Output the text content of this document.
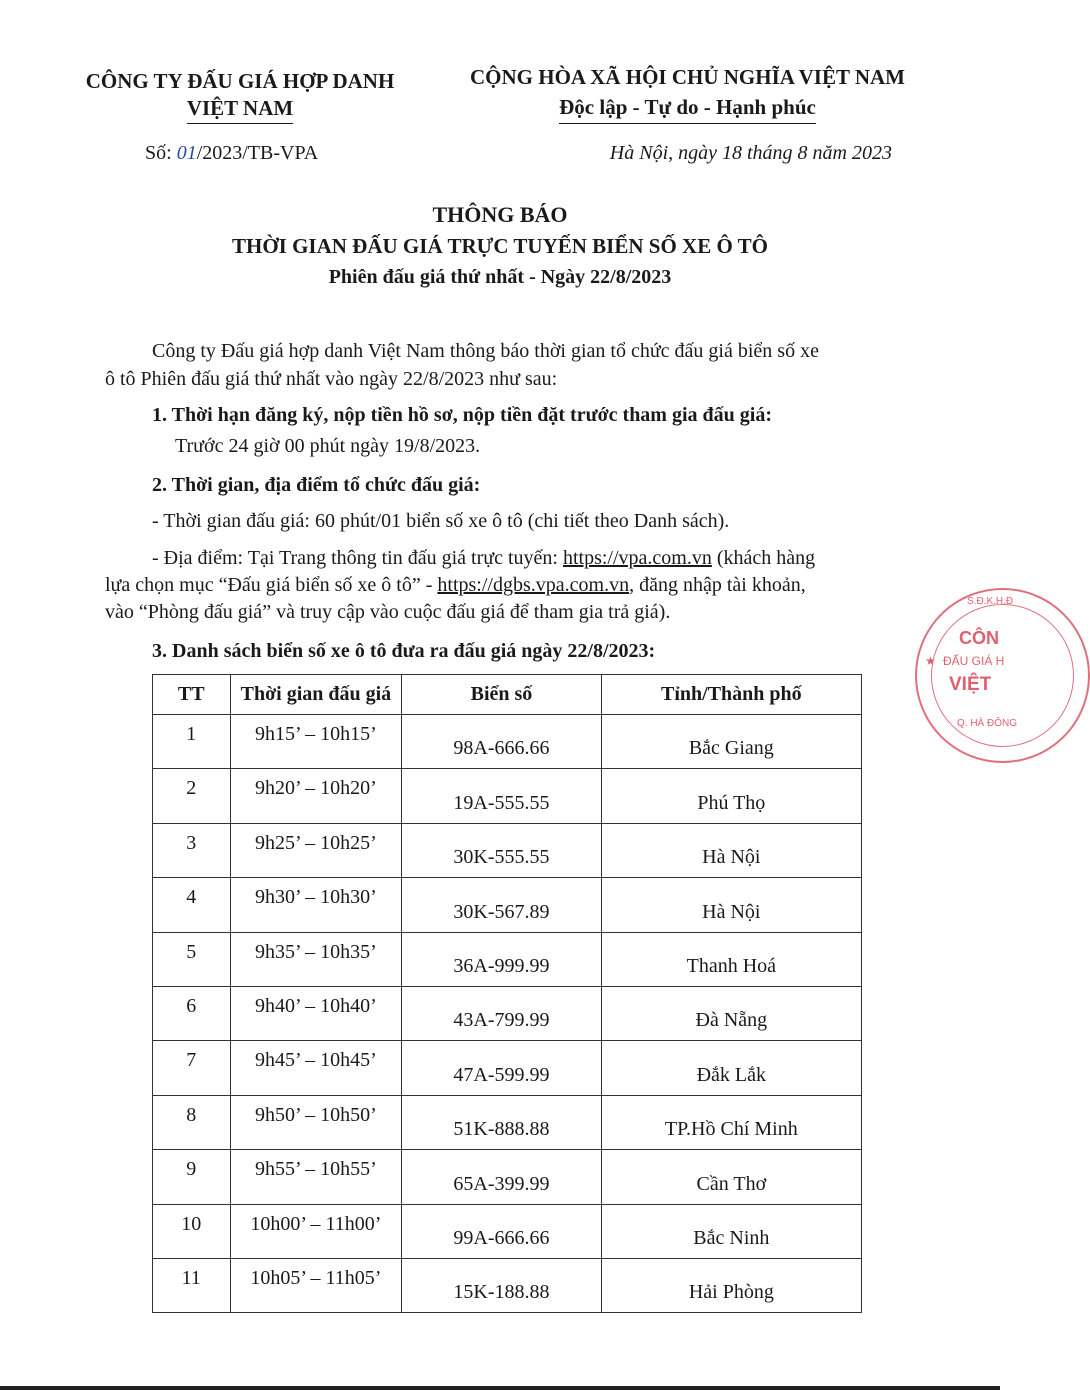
CÔNG TY ĐẤU GIÁ HỢP DANH
VIỆT NAM
CỘNG HÒA XÃ HỘI CHỦ NGHĨA VIỆT NAM
Độc lập - Tự do - Hạnh phúc
Số: 01/2023/TB-VPA	Hà Nội, ngày 18 tháng 8 năm 2023
THÔNG BÁO
THỜI GIAN ĐẤU GIÁ TRỰC TUYẾN BIỂN SỐ XE Ô TÔ
Phiên đấu giá thứ nhất - Ngày 22/8/2023
Công ty Đấu giá hợp danh Việt Nam thông báo thời gian tổ chức đấu giá biển số xe
ô tô Phiên đấu giá thứ nhất vào ngày 22/8/2023 như sau:
1. Thời hạn đăng ký, nộp tiền hồ sơ, nộp tiền đặt trước tham gia đấu giá:
Trước 24 giờ 00 phút ngày 19/8/2023.
2. Thời gian, địa điểm tổ chức đấu giá:
- Thời gian đấu giá: 60 phút/01 biển số xe ô tô (chi tiết theo Danh sách).
- Địa điểm: Tại Trang thông tin đấu giá trực tuyến: https://vpa.com.vn (khách hàng
lựa chọn mục “Đấu giá biển số xe ô tô” - https://dgbs.vpa.com.vn, đăng nhập tài khoản,
vào “Phòng đấu giá” và truy cập vào cuộc đấu giá để tham gia trả giá).
3. Danh sách biển số xe ô tô đưa ra đấu giá ngày 22/8/2023:
TT	Thời gian đấu giá	Biển số	Tỉnh/Thành phố
1	9h15’ – 10h15’	98A-666.66	Bắc Giang
2	9h20’ – 10h20’	19A-555.55	Phú Thọ
3	9h25’ – 10h25’	30K-555.55	Hà Nội
4	9h30’ – 10h30’	30K-567.89	Hà Nội
5	9h35’ – 10h35’	36A-999.99	Thanh Hoá
6	9h40’ – 10h40’	43A-799.99	Đà Nẵng
7	9h45’ – 10h45’	47A-599.99	Đắk Lắk
8	9h50’ – 10h50’	51K-888.88	TP.Hồ Chí Minh
9	9h55’ – 10h55’	65A-399.99	Cần Thơ
10	10h00’ – 11h00’	99A-666.66	Bắc Ninh
11	10h05’ – 11h05’	15K-188.88	Hải Phòng
S.Đ.K.H.Đ
★
CÔN
ĐẤU GIÁ H
VIỆT
Q. HÀ ĐÔNG
